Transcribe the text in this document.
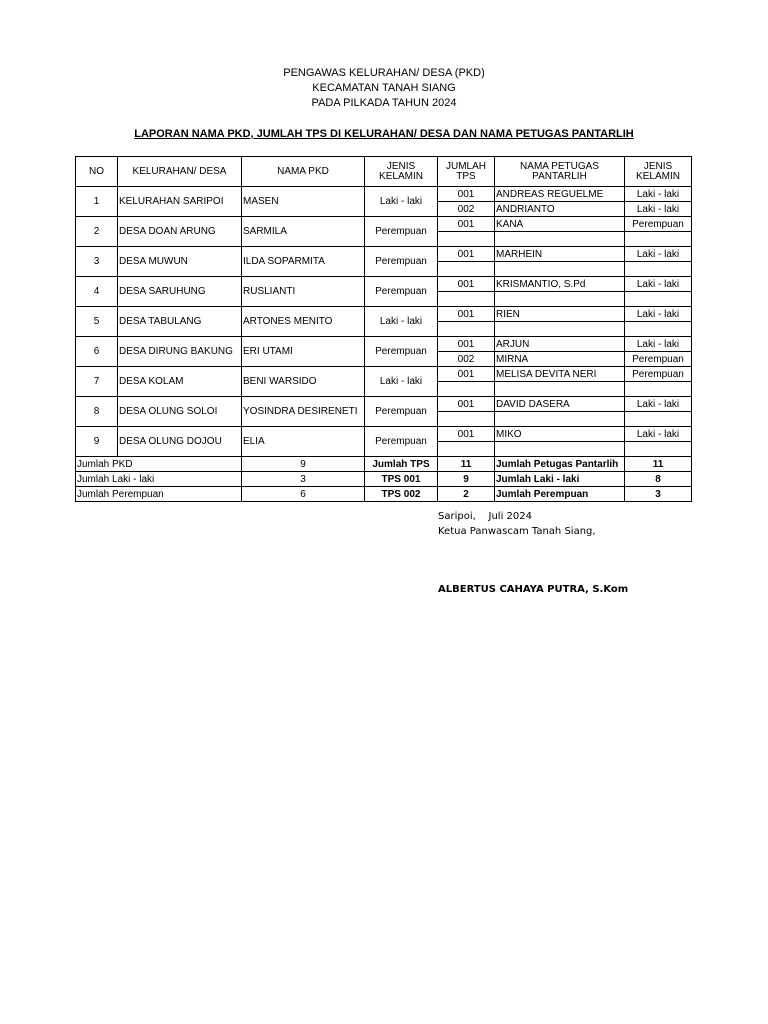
PENGAWAS KELURAHAN/ DESA (PKD)
KECAMATAN TANAH SIANG
PADA PILKADA TAHUN 2024
LAPORAN NAMA PKD, JUMLAH TPS DI KELURAHAN/ DESA DAN NAMA PETUGAS PANTARLIH
NO	KELURAHAN/ DESA	NAMA PKD	JENIS KELAMIN	JUMLAH TPS	NAMA PETUGAS PANTARLIH	JENIS KELAMIN
1	KELURAHAN SARIPOI	MASEN	Laki - laki	001	ANDREAS REGUELME	Laki - laki
				002	ANDRIANTO	Laki - laki
2	DESA DOAN ARUNG	SARMILA	Perempuan	001	KANA	Perempuan

3	DESA MUWUN	ILDA SOPARMITA	Perempuan	001	MARHEIN	Laki - laki

4	DESA SARUHUNG	RUSLIANTI	Perempuan	001	KRISMANTIO, S.Pd	Laki - laki

5	DESA TABULANG	ARTONES MENITO	Laki - laki	001	RIEN	Laki - laki

6	DESA DIRUNG BAKUNG	ERI UTAMI	Perempuan	001	ARJUN	Laki - laki
				002	MIRNA	Perempuan
7	DESA KOLAM	BENI WARSIDO	Laki - laki	001	MELISA DEVITA NERI	Perempuan

8	DESA OLUNG SOLOI	YOSINDRA DESIRENETI	Perempuan	001	DAVID DASERA	Laki - laki

9	DESA OLUNG DOJOU	ELIA	Perempuan	001	MIKO	Laki - laki

Jumlah PKD		9	Jumlah TPS	11	Jumlah Petugas Pantarlih	11
Jumlah Laki - laki		3	TPS 001	9	Jumlah Laki - laki	8
Jumlah Perempuan		6	TPS 002	2	Jumlah Perempuan	3
Saripoi,    Juli 2024
Ketua Panwascam Tanah Siang,
ALBERTUS CAHAYA PUTRA, S.Kom
